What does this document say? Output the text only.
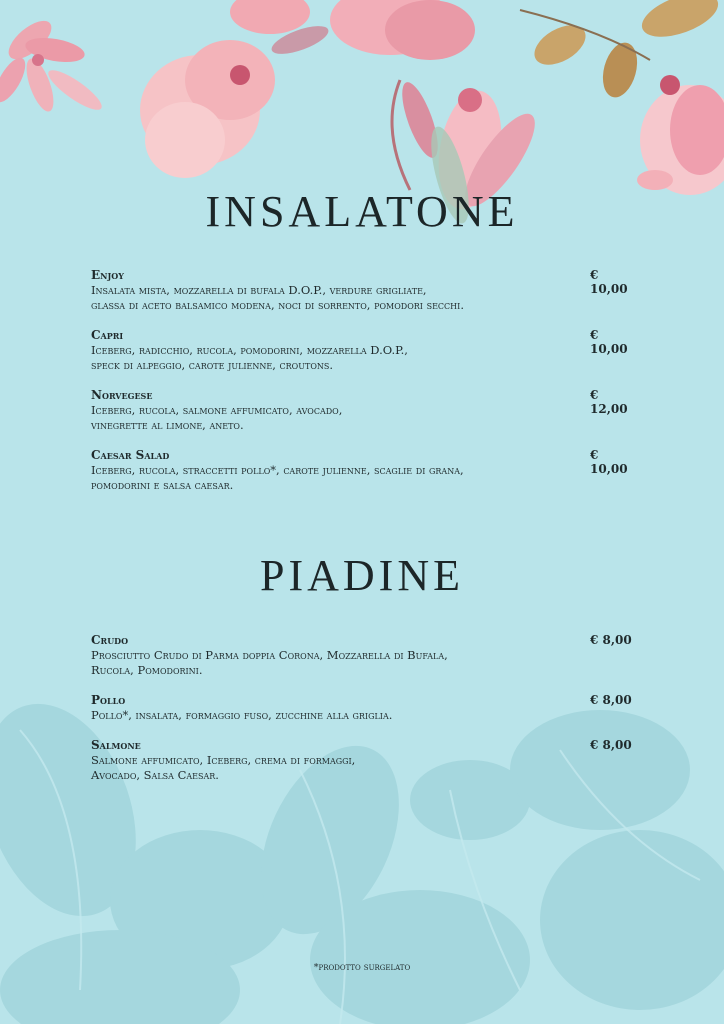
INSALATONE
Enjoy
Insalata mista, mozzarella di bufala D.O.P., verdure grigliate,
glassa di aceto balsamico modena, noci di sorrento, pomodori secchi.
€ 10,00
Capri
Iceberg, radicchio, rucola, pomodorini, mozzarella D.O.P.,
speck di alpeggio, carote julienne, croutons.
€ 10,00
Norvegese
Iceberg, rucola, salmone affumicato, avocado,
vinegrette al limone, aneto.
€ 12,00
Caesar Salad
Iceberg, rucola, straccetti pollo*, carote julienne, scaglie di grana,
pomodorini e salsa caesar.
€ 10,00
PIADINE
Crudo
Prosciutto Crudo di Parma doppia Corona, Mozzarella di Bufala,
Rucola, Pomodorini.
€ 8,00
Pollo
Pollo*, insalata, formaggio fuso, zucchine alla griglia.
€ 8,00
Salmone
Salmone affumicato, Iceberg, crema di formaggi,
Avocado, Salsa Caesar.
€ 8,00
*prodotto surgelato
